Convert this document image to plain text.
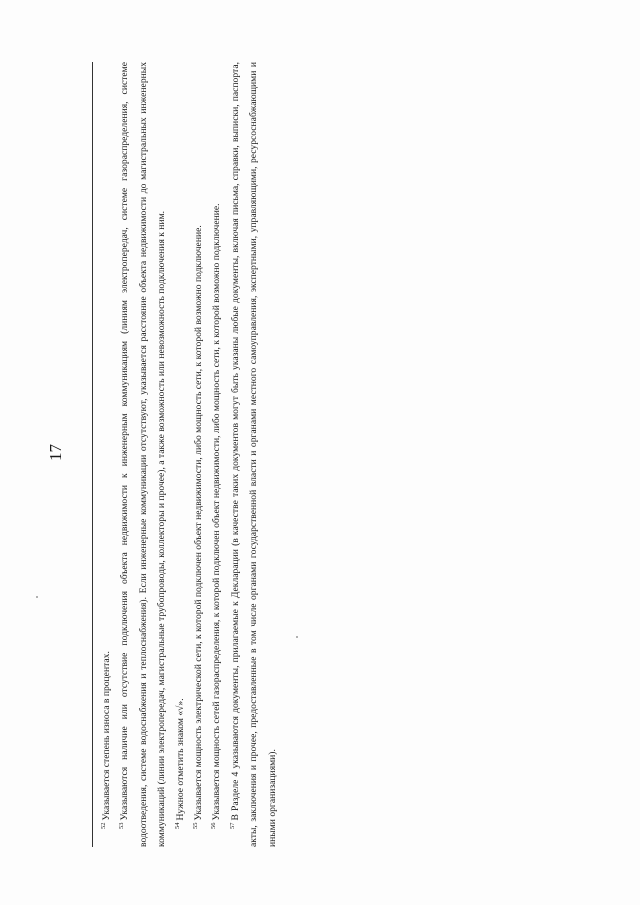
17

$^{52}$Указывается степень износа в процентах.

$^{53}$Указываются наличие или отсутствие подключения объекта недвижимости к инженерным коммуникациям (линиям электропередач, системе газораспределения, системе водоотведения, системе водоснабжения и теплоснабжения). Если инженерные коммуникации отсутствуют, указывается расстояние объекта недвижимости до магистральных инженерных коммуникаций (линии электропередач, магистральные трубопроводы, коллекторы и прочее), а также возможность или невозможность подключения к ним. $^{54}$Нужное отметить знаком «√».

$^{55}$Указывается мощность электрической сети, к которой подключен объект недвижимости, либо мощность сети, к которой возможно подключение.

$^{56}$Указывается мощность сетей газораспределения, к которой подключен объект недвижимости, либо мощность сети, к которой возможно подключение.

$^{57}$В Разделе 4 указываются документы, прилагаемые к Декларации (в качестве таких документов могут быть указаны любые документы, включая письма, справки, выписки, паспорта, акты, заключения и прочее, предоставленные в том числе органами государственной власти и органами местного самоуправления, экспертными, управляющими, ресурсоснабжающими и иными организациями).
